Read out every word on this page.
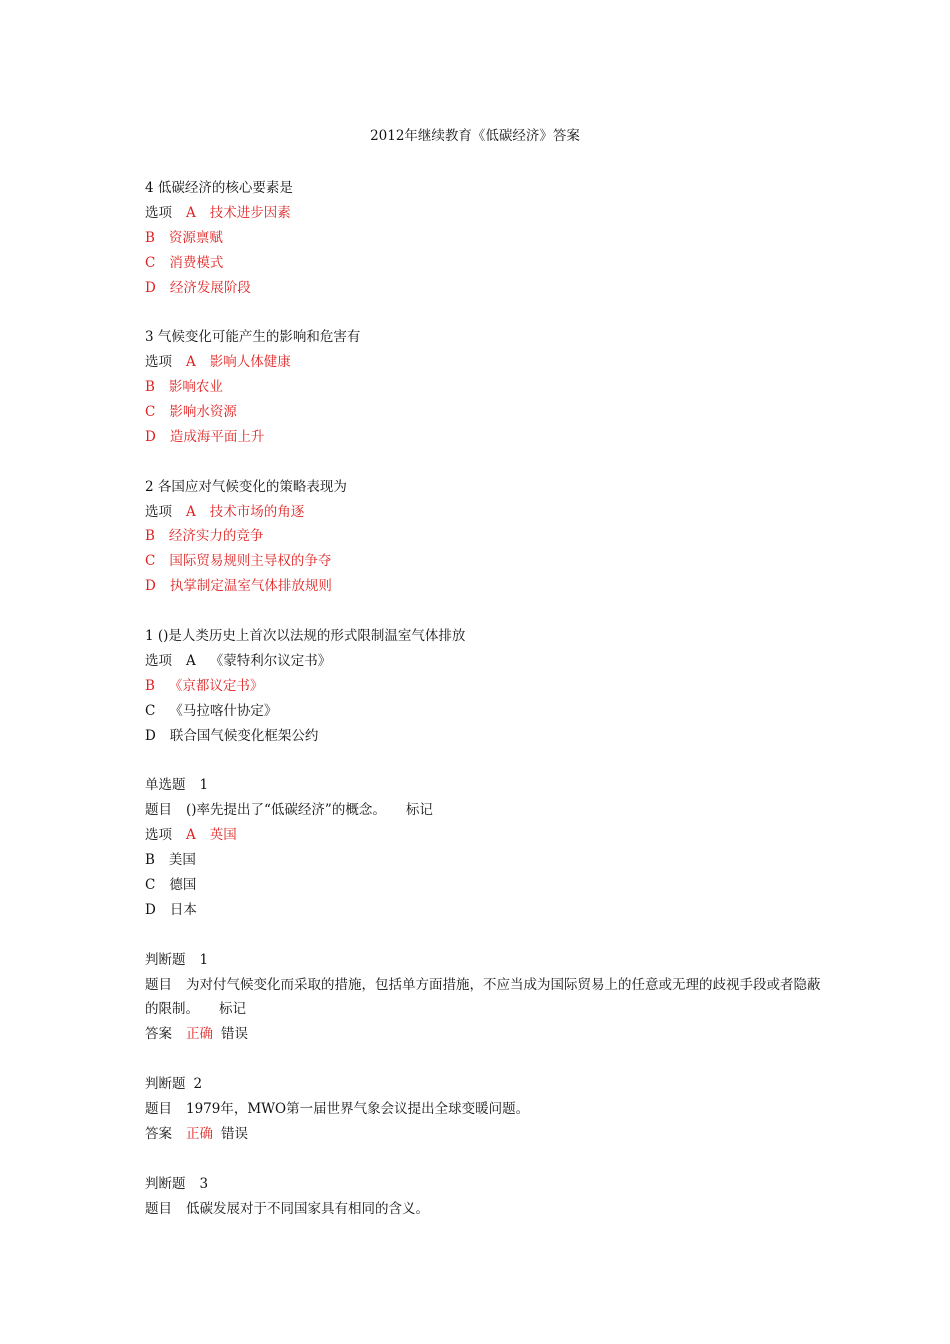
2012年继续教育《低碳经济》答案
4 低碳经济的核心要素是
选项 A 技术进步因素
B 资源禀赋
C 消费模式
D 经济发展阶段
3 气候变化可能产生的影响和危害有
选项 A 影响人体健康
B 影响农业
C 影响水资源
D 造成海平面上升
2 各国应对气候变化的策略表现为
选项 A 技术市场的角逐
B 经济实力的竞争
C 国际贸易规则主导权的争夺
D 执掌制定温室气体排放规则
1 ()是人类历史上首次以法规的形式限制温室气体排放
选项 A 《蒙特利尔议定书》
B 《京都议定书》
C 《马拉喀什协定》
D 联合国气候变化框架公约
单选题 1
题目 ()率先提出了“低碳经济”的概念。 标记
选项 A 英国
B 美国
C 德国
D 日本
判断题 1
题目 为对付气候变化而采取的措施，包括单方面措施，不应当成为国际贸易上的任意或无理的歧视手段或者隐蔽的限制。 标记
答案 正确 错误
判断题 2
题目 1979年，MWO第一届世界气象会议提出全球变暖问题。
答案 正确 错误
判断题 3
题目 低碳发展对于不同国家具有相同的含义。
